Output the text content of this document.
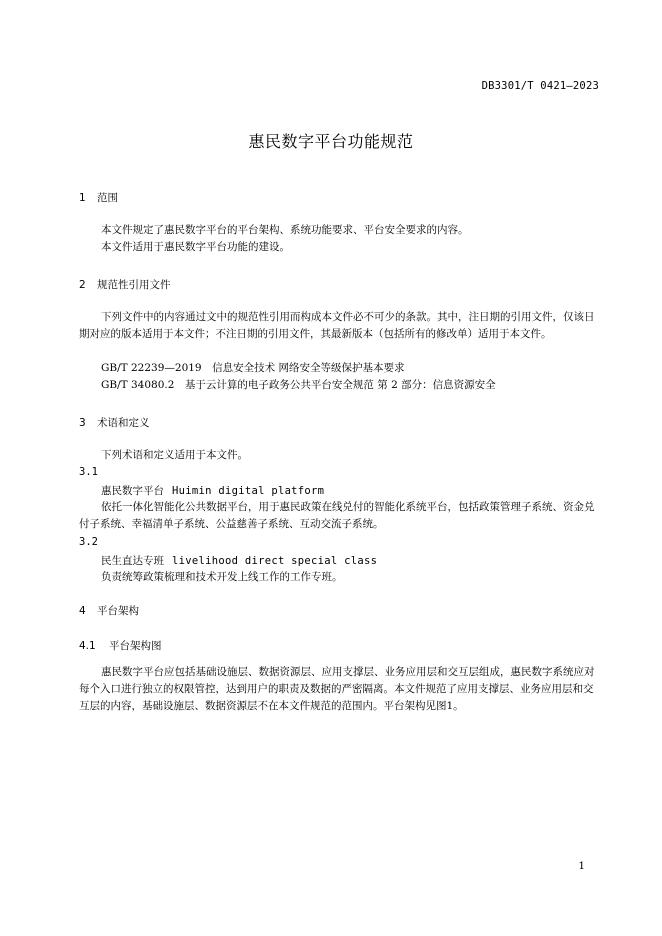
DB3301/T 0421—2023
惠民数字平台功能规范
1 范围
本文件规定了惠民数字平台的平台架构、系统功能要求、平台安全要求的内容。
本文件适用于惠民数字平台功能的建设。
2 规范性引用文件
下列文件中的内容通过文中的规范性引用而构成本文件必不可少的条款。其中，注日期的引用文件，仅该日期对应的版本适用于本文件；不注日期的引用文件，其最新版本（包括所有的修改单）适用于本文件。
GB/T 22239—2019　信息安全技术 网络安全等级保护基本要求
GB/T 34080.2　基于云计算的电子政务公共平台安全规范 第 2 部分：信息资源安全
3 术语和定义
下列术语和定义适用于本文件。
3.1
惠民数字平台 Huimin digital platform
依托一体化智能化公共数据平台，用于惠民政策在线兑付的智能化系统平台，包括政策管理子系统、资金兑付子系统、幸福清单子系统、公益慈善子系统、互动交流子系统。
3.2
民生直达专班 livelihood direct special class
负责统筹政策梳理和技术开发上线工作的工作专班。
4 平台架构
4.1 平台架构图
惠民数字平台应包括基础设施层、数据资源层、应用支撑层、业务应用层和交互层组成，惠民数字系统应对每个入口进行独立的权限管控，达到用户的职责及数据的严密隔离。本文件规范了应用支撑层、业务应用层和交互层的内容，基础设施层、数据资源层不在本文件规范的范围内。平台架构见图1。
1
